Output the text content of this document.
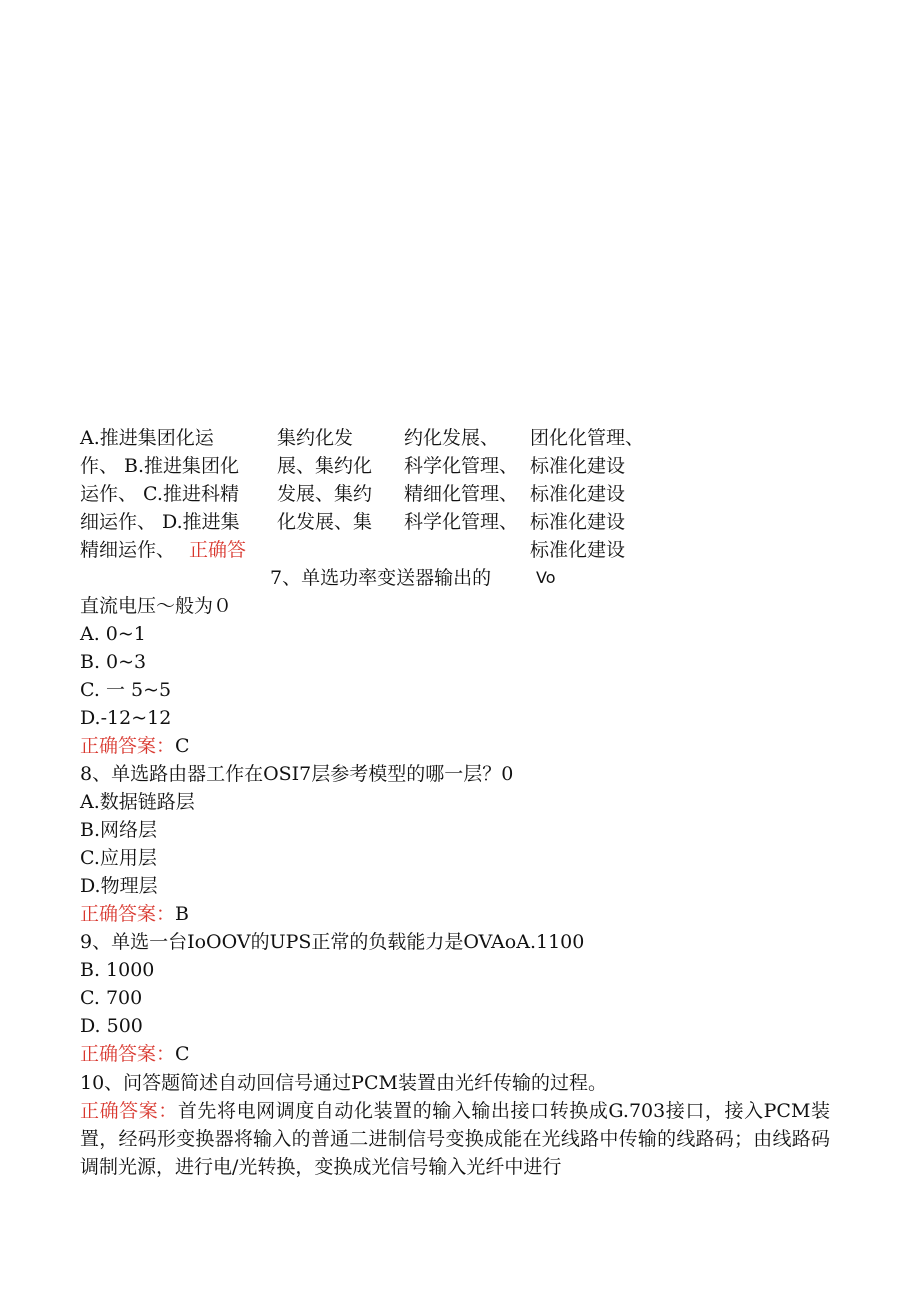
A.推进集团化运
作、 B.推进集团化
运作、 C.推进科精
细运作、 D.推进集
精细运作、 正确答
集约化发
展、集约化
发展、集约
化发展、集
约化发展、
科学化管理、
精细化管理、
科学化管理、
团化化管理、
标准化建设
标准化建设
标准化建设
标准化建设
7、单选功率变送器输出的	Vo
直流电压～般为０
A. 0~1
B. 0~3
C. 一 5~5
D.-12~12
正确答案：C
8、单选路由器工作在OSI7层参考模型的哪一层？0
A.数据链路层
B.网络层
C.应用层
D.物理层
正确答案：B
9、单选一台IoOOV的UPS正常的负载能力是OVAoA.1100
B. 1000
C. 700
D. 500
正确答案：C
10、问答题简述自动回信号通过PCM装置由光纤传输的过程。
正确答案：首先将电网调度自动化装置的输入输出接口转换成G.703接口，接入PCM装置，经码形变换器将输入的普通二进制信号变换成能在光线路中传输的线路码；由线路码调制光源，进行电/光转换，变换成光信号输入光纤中进行
